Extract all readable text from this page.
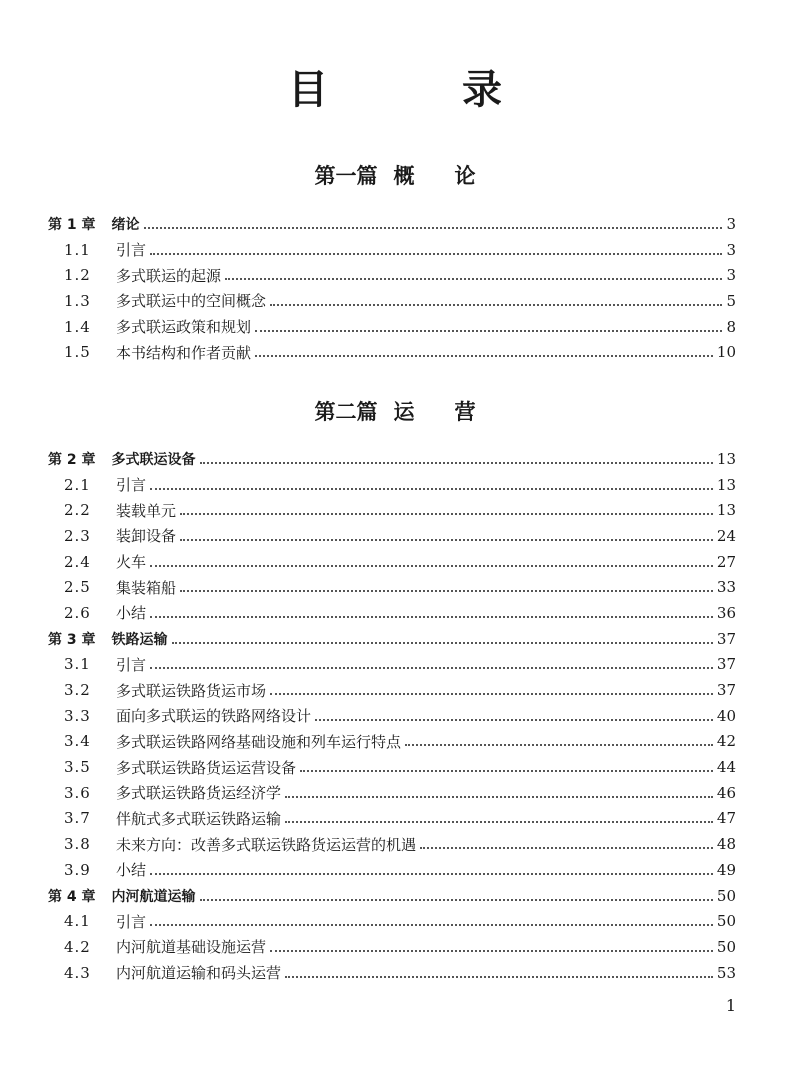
目 录
第一篇 概 论
第 1 章 绪论	3
1.1	引言	3
1.2	多式联运的起源	3
1.3	多式联运中的空间概念	5
1.4	多式联运政策和规划	8
1.5	本书结构和作者贡献	10
第二篇 运 营
第 2 章 多式联运设备	13
2.1	引言	13
2.2	装载单元	13
2.3	装卸设备	24
2.4	火车	27
2.5	集装箱船	33
2.6	小结	36
第 3 章 铁路运输	37
3.1	引言	37
3.2	多式联运铁路货运市场	37
3.3	面向多式联运的铁路网络设计	40
3.4	多式联运铁路网络基础设施和列车运行特点	42
3.5	多式联运铁路货运运营设备	44
3.6	多式联运铁路货运经济学	46
3.7	伴航式多式联运铁路运输	47
3.8	未来方向：改善多式联运铁路货运运营的机遇	48
3.9	小结	49
第 4 章 内河航道运输	50
4.1	引言	50
4.2	内河航道基础设施运营	50
4.3	内河航道运输和码头运营	53
1
